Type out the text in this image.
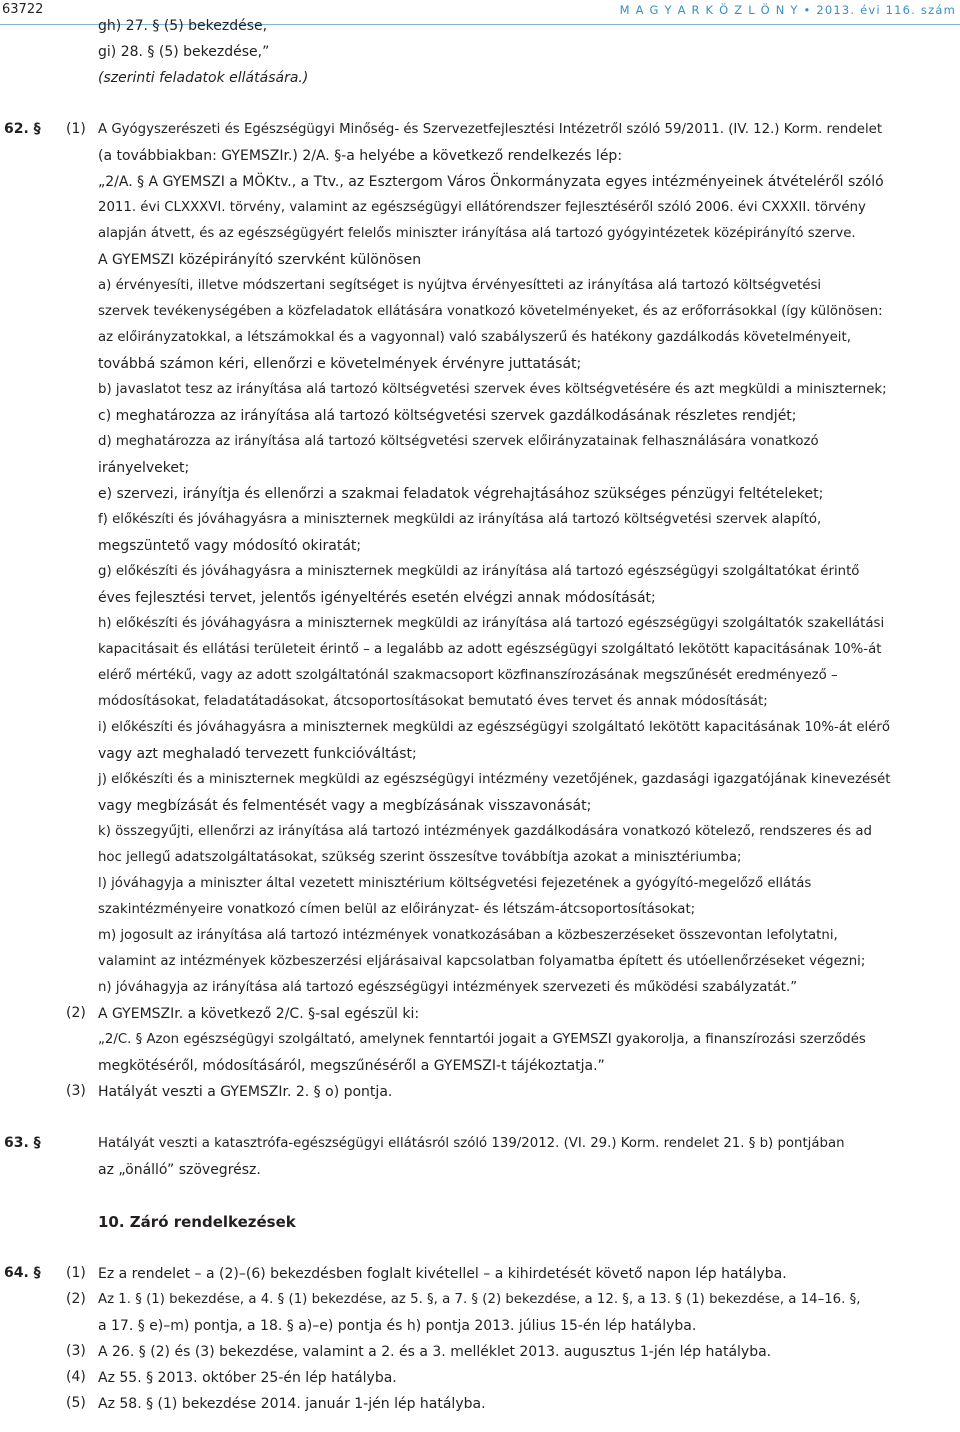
63722	M A G Y A R K Ö Z L Ö N Y • 2013. évi 116. szám
gh) 27. § (5) bekezdése,
gi) 28. § (5) bekezdése,”
(szerinti feladatok ellátására.)
62. § (1) A Gyógyszerészeti és Egészségügyi Minőség- és Szervezetfejlesztési Intézetről szóló 59/2011. (IV. 12.) Korm. rendelet
(a továbbiakban: GYEMSZIr.) 2/A. §-a helyébe a következő rendelkezés lép:
„2/A. § A GYEMSZI a MÖKtv., a Ttv., az Esztergom Város Önkormányzata egyes intézményeinek átvételéről szóló
2011. évi CLXXXVI. törvény, valamint az egészségügyi ellátórendszer fejlesztéséről szóló 2006. évi CXXXII. törvény
alapján átvett, és az egészségügyért felelős miniszter irányítása alá tartozó gyógyintézetek középirányító szerve.
A GYEMSZI középirányító szervként különösen
a) érvényesíti, illetve módszertani segítséget is nyújtva érvényesítteti az irányítása alá tartozó költségvetési
szervek tevékenységében a közfeladatok ellátására vonatkozó követelményeket, és az erőforrásokkal (így különösen:
az előirányzatokkal, a létszámokkal és a vagyonnal) való szabályszerű és hatékony gazdálkodás követelményeit,
továbbá számon kéri, ellenőrzi e követelmények érvényre juttatását;
b) javaslatot tesz az irányítása alá tartozó költségvetési szervek éves költségvetésére és azt megküldi a miniszternek;
c) meghatározza az irányítása alá tartozó költségvetési szervek gazdálkodásának részletes rendjét;
d) meghatározza az irányítása alá tartozó költségvetési szervek előirányzatainak felhasználására vonatkozó
irányelveket;
e) szervezi, irányítja és ellenőrzi a szakmai feladatok végrehajtásához szükséges pénzügyi feltételeket;
f) előkészíti és jóváhagyásra a miniszternek megküldi az irányítása alá tartozó költségvetési szervek alapító,
megszüntető vagy módosító okiratát;
g) előkészíti és jóváhagyásra a miniszternek megküldi az irányítása alá tartozó egészségügyi szolgáltatókat érintő
éves fejlesztési tervet, jelentős igényeltérés esetén elvégzi annak módosítását;
h) előkészíti és jóváhagyásra a miniszternek megküldi az irányítása alá tartozó egészségügyi szolgáltatók szakellátási
kapacitásait és ellátási területeit érintő – a legalább az adott egészségügyi szolgáltató lekötött kapacitásának 10%-át
elérő mértékű, vagy az adott szolgáltatónál szakmacsoport közfinanszírozásának megszűnését eredményező –
módosításokat, feladatátadásokat, átcsoportosításokat bemutató éves tervet és annak módosítását;
i) előkészíti és jóváhagyásra a miniszternek megküldi az egészségügyi szolgáltató lekötött kapacitásának 10%-át elérő
vagy azt meghaladó tervezett funkcióváltást;
j) előkészíti és a miniszternek megküldi az egészségügyi intézmény vezetőjének, gazdasági igazgatójának kinevezését
vagy megbízását és felmentését vagy a megbízásának visszavonását;
k) összegyűjti, ellenőrzi az irányítása alá tartozó intézmények gazdálkodására vonatkozó kötelező, rendszeres és ad
hoc jellegű adatszolgáltatásokat, szükség szerint összesítve továbbítja azokat a minisztériumba;
l) jóváhagyja a miniszter által vezetett minisztérium költségvetési fejezetének a gyógyító-megelőző ellátás
szakintézményeire vonatkozó címen belül az előirányzat- és létszám-átcsoportosításokat;
m) jogosult az irányítása alá tartozó intézmények vonatkozásában a közbeszerzéseket összevontan lefolytatni,
valamint az intézmények közbeszerzési eljárásaival kapcsolatban folyamatba épített és utóellenőrzéseket végezni;
n) jóváhagyja az irányítása alá tartozó egészségügyi intézmények szervezeti és működési szabályzatát.”
(2) A GYEMSZIr. a következő 2/C. §-sal egészül ki:
„2/C. § Azon egészségügyi szolgáltató, amelynek fenntartói jogait a GYEMSZI gyakorolja, a finanszírozási szerződés
megkötéséről, módosításáról, megszűnéséről a GYEMSZI-t tájékoztatja.”
(3) Hatályát veszti a GYEMSZIr. 2. § o) pontja.
63. §	Hatályát veszti a katasztrófa-egészségügyi ellátásról szóló 139/2012. (VI. 29.) Korm. rendelet 21. § b) pontjában
az „önálló” szövegrész.
10. Záró rendelkezések
64. § (1) Ez a rendelet – a (2)–(6) bekezdésben foglalt kivétellel – a kihirdetését követő napon lép hatályba.
(2) Az 1. § (1) bekezdése, a 4. § (1) bekezdése, az 5. §, a 7. § (2) bekezdése, a 12. §, a 13. § (1) bekezdése, a 14–16. §,
a 17. § e)–m) pontja, a 18. § a)–e) pontja és h) pontja 2013. július 15-én lép hatályba.
(3) A 26. § (2) és (3) bekezdése, valamint a 2. és a 3. melléklet 2013. augusztus 1-jén lép hatályba.
(4) Az 55. § 2013. október 25-én lép hatályba.
(5) Az 58. § (1) bekezdése 2014. január 1-jén lép hatályba.
